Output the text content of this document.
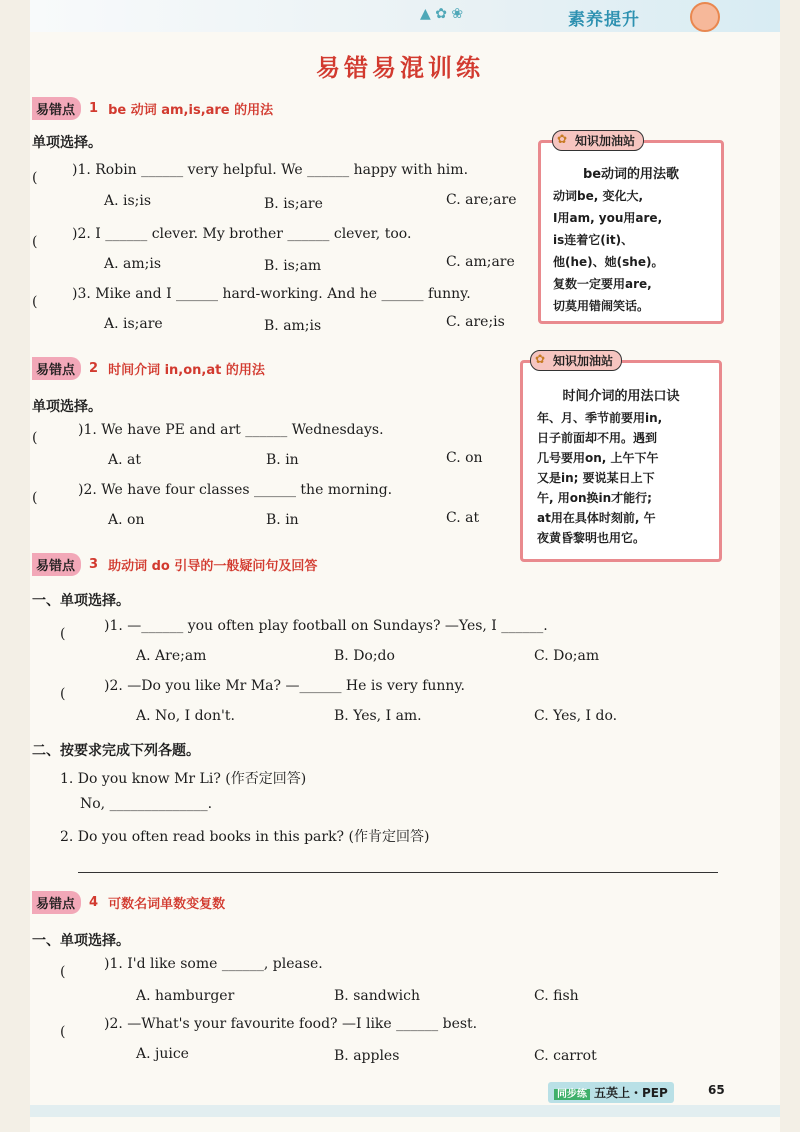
▲ ✿ ❀	素养提升
易错易混训练
易错点	1 be 动词 am,is,are 的用法
单项选择。
( )1. Robin ______ very helpful. We ______ happy with him.
A. is;is	B. is;are	C. are;are
( )2. I ______ clever. My brother ______ clever, too.
A. am;is	B. is;am	C. am;are
( )3. Mike and I ______ hard-working. And he ______ funny.
A. is;are	B. am;is	C. are;is
be动词的用法歌
动词be, 变化大,
I用am, you用are,
is连着它(it)、
他(he)、她(she)。
复数一定要用are,
切莫用错闹笑话。
✿ 知识加油站
易错点	2 时间介词 in,on,at 的用法
单项选择。
(	)1. We have PE and art ______ Wednesdays.
A. at	B. in	C. on
(	)2. We have four classes ______ the morning.
A. on	B. in	C. at
时间介词的用法口诀
年、月、季节前要用in,
日子前面却不用。遇到
几号要用on, 上午下午
又是in; 要说某日上下
午, 用on换in才能行;
at用在具体时刻前, 午
夜黄昏黎明也用它。
✿ 知识加油站
易错点	3 助动词 do 引导的一般疑问句及回答
一、单项选择。
(	)1. —______ you often play football on Sundays? —Yes, I ______.
A. Are;am	B. Do;do	C. Do;am
(	)2. —Do you like Mr Ma? —______ He is very funny.
A. No, I don't.	B. Yes, I am.	C. Yes, I do.
二、按要求完成下列各题。
1. Do you know Mr Li? (作否定回答)
No, ______________.
2. Do you often read books in this park? (作肯定回答)
易错点	4 可数名词单数变复数
一、单项选择。
(	)1. I'd like some ______, please.
A. hamburger	B. sandwich	C. fish
(	)2. —What's your favourite food? —I like ______ best.
A. juice	B. apples	C. carrot
同步练 五英上・PEP	65
